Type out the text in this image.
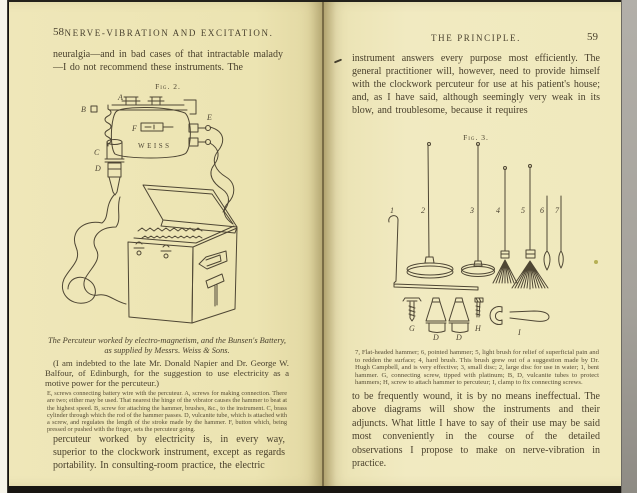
58 NERVE-VIBRATION AND EXCITATION.
neuralgia—and in bad cases of that intractable malady—I do not recommend these instruments. The
Fig. 2.
A
B
F
WEISS
E
C
D
The Percuteur worked by electro-magnetism, and the Bunsen's Battery, as supplied by Messrs. Weiss & Sons.
(I am indebted to the late Mr. Donald Napier and Dr. George W. Balfour, of Edinburgh, for the suggestion to use electricity as a motive power for the percuteur.)
E, screws connecting battery wire with the percuteur. A, screws for making connection. There are two; either may be used. That nearest the hinge of the vibrator causes the hammer to beat at the highest speed. B, screw for attaching the hammer, brushes, &c., to the instrument. C, brass cylinder through which the rod of the hammer passes. D, vulcanite tube, which is attached with a screw, and regulates the length of the stroke made by the hammer. F, button which, being pressed or pushed with the finger, sets the percuteur going.
percuteur worked by electricity is, in every way, superior to the clockwork instrument, except as regards portability. In consulting-room practice, the electric
THE PRINCIPLE.	59
instrument answers every purpose most efficiently. The general practitioner will, however, need to provide himself with the clockwork percuteur for use at his patient's house; and, as I have said, although seemingly very weak in its blow, and troublesome, because it requires
Fig. 3.
1	2	3	4	5 6 7
G
D D
H	I
7, Flat-headed hammer; 6, pointed hammer; 5, light brush for relief of superficial pain and to redden the surface; 4, hard brush. This brush grew out of a suggestion made by Dr. Hugh Campbell, and is very effective; 3, small disc; 2, large disc for use in water; 1, bent hammer. G, connecting screw, tipped with platinum; B, D, vulcanite tubes to protect hammers; H, screw to attach hammer to percuteur; I, clamp to fix connecting screws.
to be frequently wound, it is by no means ineffectual. The above diagrams will show the instruments and their adjuncts. What little I have to say of their use may be said most conveniently in the course of the detailed observations I propose to make on nerve-vibration in practice.
